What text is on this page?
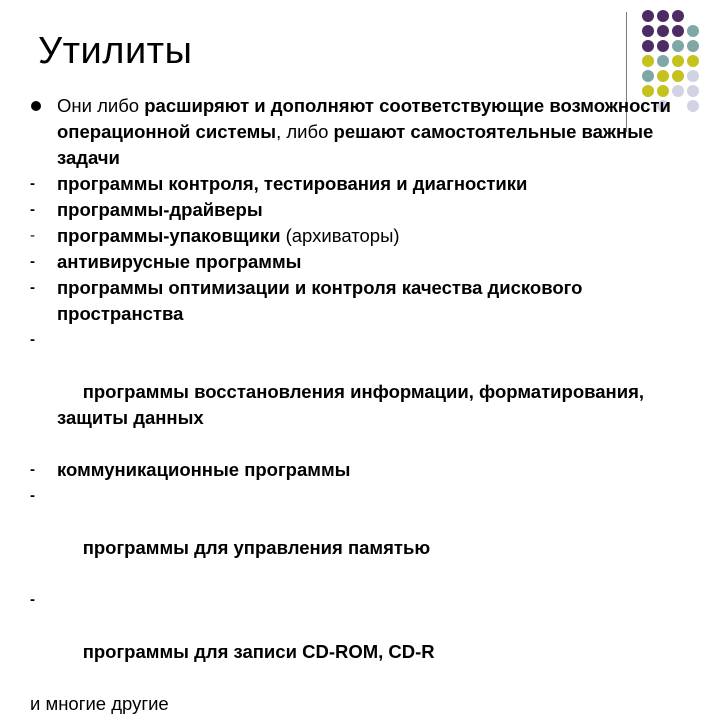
Утилиты

Они либо расширяют и дополняют соответствующие возможности операционной системы, либо решают самостоятельные важные задачи

- программы контроля, тестирования и диагностики

- программы-драйверы

- программы-упаковщики (архиваторы)

- антивирусные программы

- программы оптимизации и контроля качества дискового пространства

-

программы восстановления информации, форматирования, защиты данных

- коммуникационные программы

-

программы для управления памятью

-

программы для записи CD-ROM, CD-R

и многие другие
